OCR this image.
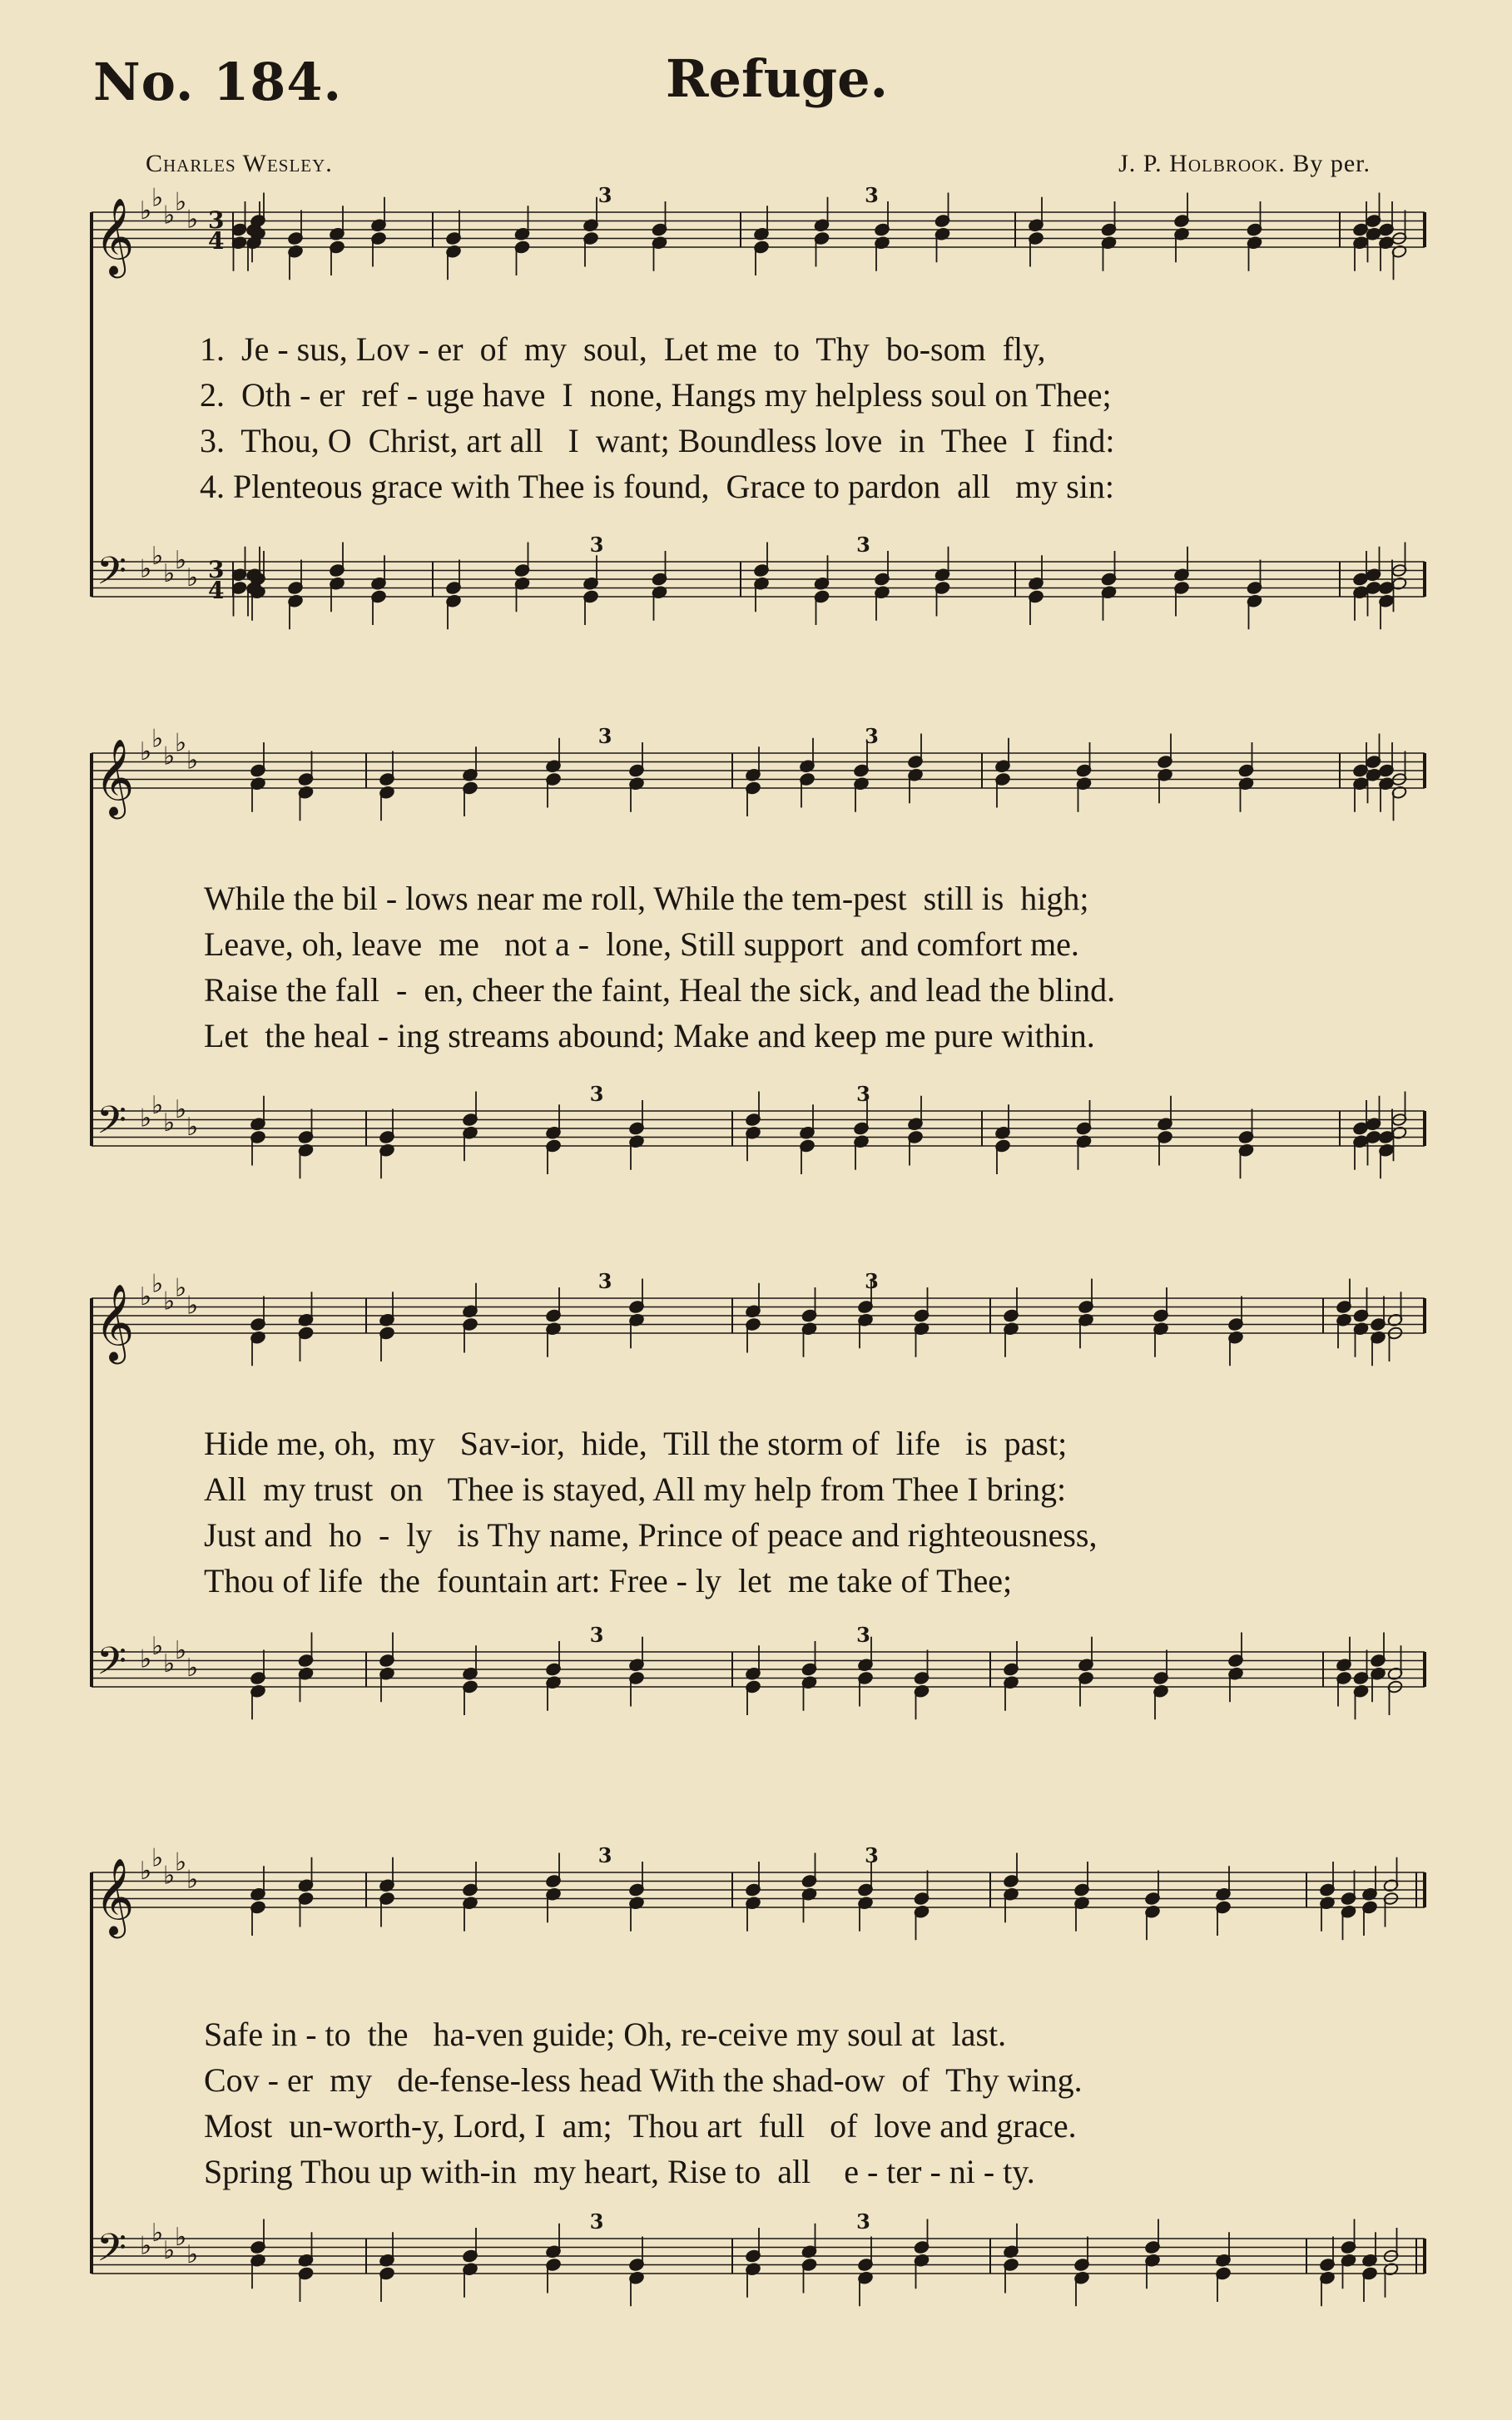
No. 184.	Refuge.
Charles Wesley.	J. P. Holbrook. By per.
𝄞
𝄢
♭ ♭
♭ ♭
♭
♭ ♭
♭ ♭
♭
3
4
3
4
3
3
3
3
𝄞
𝄢
♭ ♭
♭ ♭
♭
♭ ♭
♭ ♭
♭
3
3
3
3
𝄞
𝄢
♭ ♭
♭ ♭
♭
♭ ♭
♭ ♭
♭
3
3
3
3
𝄞
𝄢
♭ ♭
♭ ♭
♭
♭ ♭
♭ ♭
♭
3
3
3
3
1.  Je - sus, Lov - er  of  my  soul,  Let me  to  Thy  bo-som  fly,
2.  Oth - er  ref - uge have  I  none, Hangs my helpless soul on Thee;
3.  Thou, O  Christ, art all   I  want; Boundless love  in  Thee  I  find:
4. Plenteous grace with Thee is found,  Grace to pardon  all   my sin:
While the bil - lows near me roll, While the tem-pest  still is  high;
Leave, oh, leave  me   not a -  lone, Still support  and comfort me.
Raise the fall  -  en, cheer the faint, Heal the sick, and lead the blind.
Let  the heal - ing streams abound; Make and keep me pure within.
Hide me, oh,  my   Sav-ior,  hide,  Till the storm of  life   is  past;
All  my trust  on   Thee is stayed, All my help from Thee I bring:
Just and  ho  -  ly   is Thy name, Prince of peace and righteousness,
Thou of life  the  fountain art: Free - ly  let  me take of Thee;
Safe in - to  the   ha-ven guide; Oh, re-ceive my soul at  last.
Cov - er  my   de-fense-less head With the shad-ow  of  Thy wing.
Most  un-worth-y, Lord, I  am;  Thou art  full   of  love and grace.
Spring Thou up with-in  my heart, Rise to  all    e - ter - ni - ty.
